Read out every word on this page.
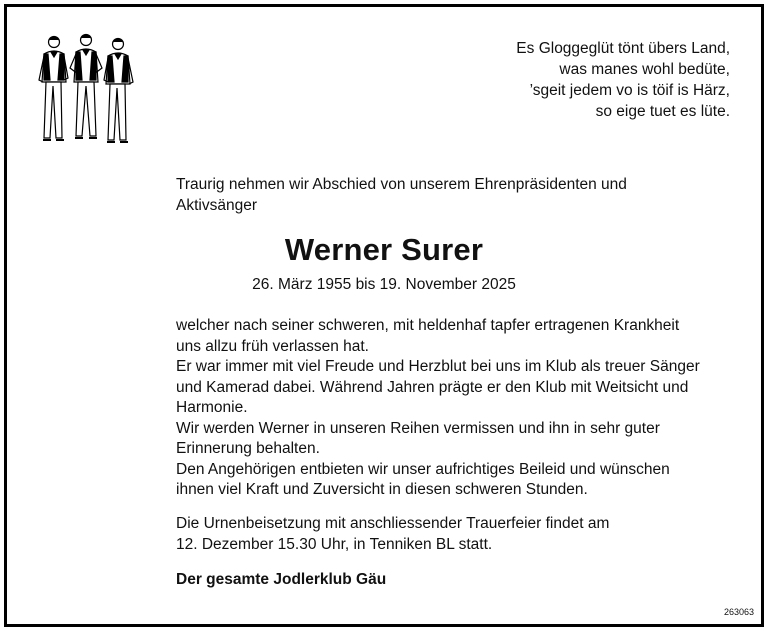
Es Gloggeglüt tönt übers Land,
was manes wohl bedüte,
’sgeit jedem vo is töif is Härz,
so eige tuet es lüte.
Traurig nehmen wir Abschied von unserem Ehrenpräsidenten und
Aktivsänger
Werner Surer
26. März 1955 bis 19. November 2025
welcher nach seiner schweren, mit heldenhaf tapfer ertragenen Krankheit
uns allzu früh verlassen hat.
Er war immer mit viel Freude und Herzblut bei uns im Klub als treuer Sänger
und Kamerad dabei. Während Jahren prägte er den Klub mit Weitsicht und
Harmonie.
Wir werden Werner in unseren Reihen vermissen und ihn in sehr guter
Erinnerung behalten.
Den Angehörigen entbieten wir unser aufrichtiges Beileid und wünschen
ihnen viel Kraft und Zuversicht in diesen schweren Stunden.
Die Urnenbeisetzung mit anschliessender Trauerfeier findet am
12. Dezember 15.30 Uhr, in Tenniken BL statt.
Der gesamte Jodlerklub Gäu
263063
